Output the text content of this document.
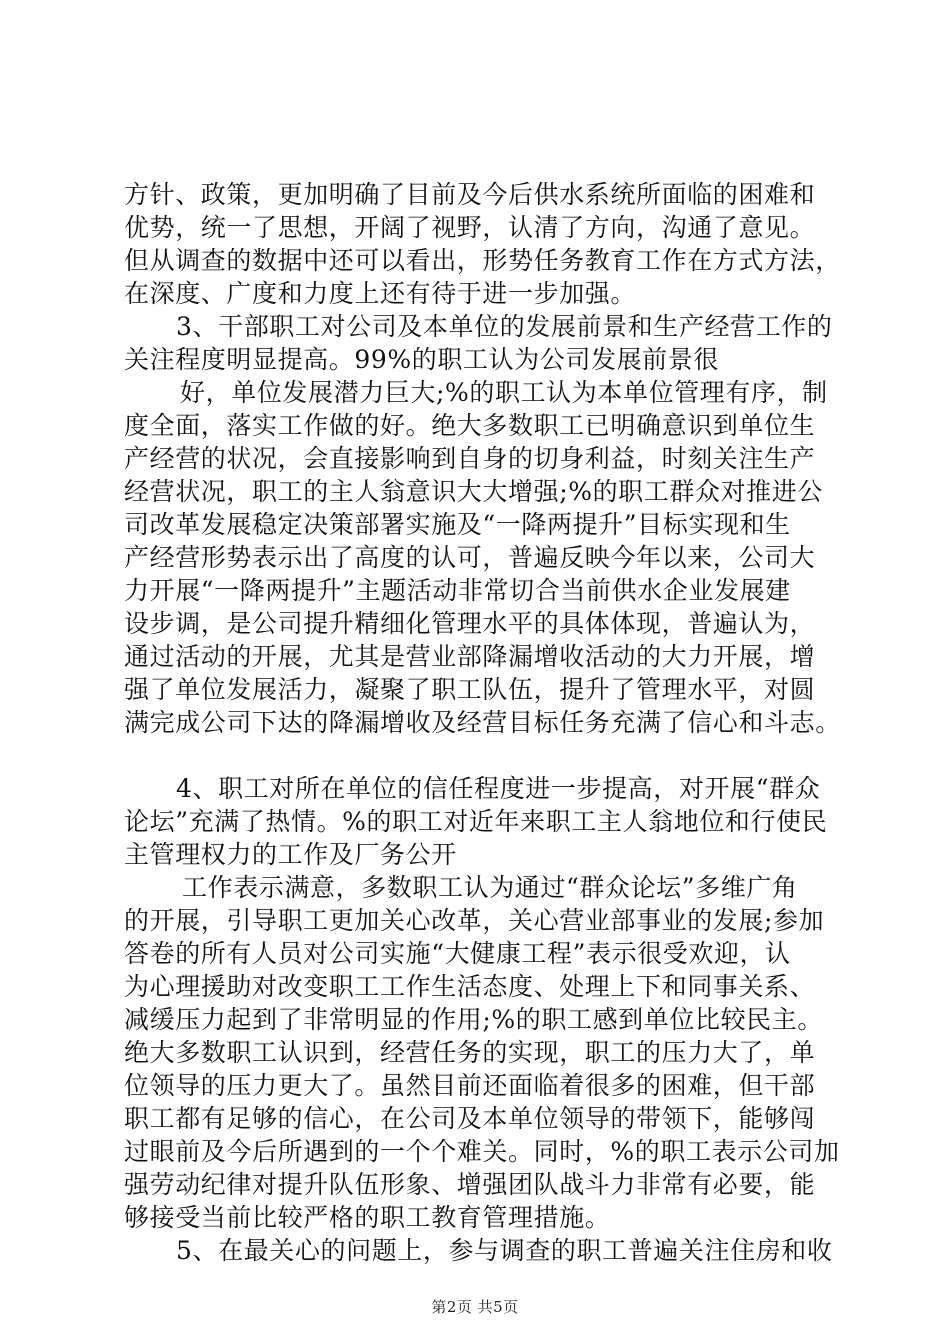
方针、政策，更加明确了目前及今后供水系统所面临的困难和
优势，统一了思想，开阔了视野，认清了方向，沟通了意见。
但从调查的数据中还可以看出，形势任务教育工作在方式方法，
在深度、广度和力度上还有待于进一步加强。
3、干部职工对公司及本单位的发展前景和生产经营工作的
关注程度明显提高。99%的职工认为公司发展前景很
好，单位发展潜力巨大;%的职工认为本单位管理有序，制
度全面，落实工作做的好。绝大多数职工已明确意识到单位生
产经营的状况，会直接影响到自身的切身利益，时刻关注生产
经营状况，职工的主人翁意识大大增强;%的职工群众对推进公
司改革发展稳定决策部署实施及“一降两提升”目标实现和生
产经营形势表示出了高度的认可，普遍反映今年以来，公司大
力开展“一降两提升”主题活动非常切合当前供水企业发展建
设步调，是公司提升精细化管理水平的具体体现，普遍认为，
通过活动的开展，尤其是营业部降漏增收活动的大力开展，增
强了单位发展活力，凝聚了职工队伍，提升了管理水平，对圆
满完成公司下达的降漏增收及经营目标任务充满了信心和斗志。
4、职工对所在单位的信任程度进一步提高，对开展“群众
论坛”充满了热情。%的职工对近年来职工主人翁地位和行使民
主管理权力的工作及厂务公开
工作表示满意，多数职工认为通过“群众论坛”多维广角
的开展，引导职工更加关心改革，关心营业部事业的发展;参加
答卷的所有人员对公司实施“大健康工程”表示很受欢迎，认
为心理援助对改变职工工作生活态度、处理上下和同事关系、
减缓压力起到了非常明显的作用;%的职工感到单位比较民主。
绝大多数职工认识到，经营任务的实现，职工的压力大了，单
位领导的压力更大了。虽然目前还面临着很多的困难，但干部
职工都有足够的信心，在公司及本单位领导的带领下，能够闯
过眼前及今后所遇到的一个个难关。同时，%的职工表示公司加
强劳动纪律对提升队伍形象、增强团队战斗力非常有必要，能
够接受当前比较严格的职工教育管理措施。
5、在最关心的问题上，参与调查的职工普遍关注住房和收
第2页 共5页
